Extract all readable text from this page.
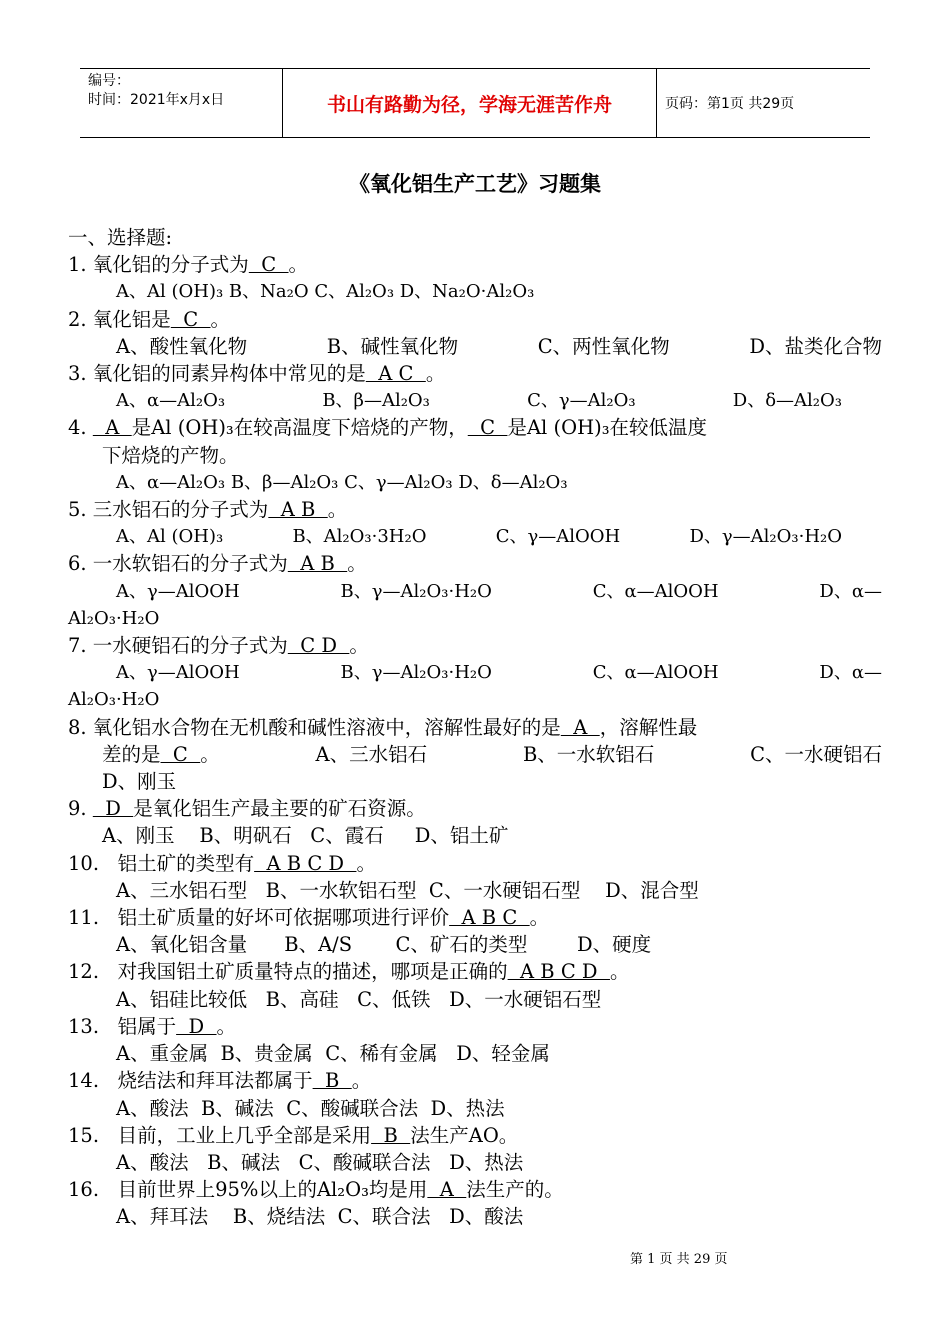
编号：
时间：2021年x月x日	书山有路勤为径，学海无涯苦作舟	页码：第1页 共29页
《氧化铝生产工艺》习题集
一、选择题:
1. 氧化铝的分子式为  C  。
A、Al (OH)₃ B、Na₂O C、Al₂O₃ D、Na₂O·Al₂O₃
2. 氧化铝是  C  。
A、酸性氧化物	B、碱性氧化物	C、两性氧化物	D、盐类化合物
3. 氧化铝的同素异构体中常见的是  A C  。
A、α—Al₂O₃	B、β—Al₂O₃	C、γ—Al₂O₃	D、δ—Al₂O₃
4.   A  是Al (OH)₃在较高温度下焙烧的产物，  C  是Al (OH)₃在较低温度
下焙烧的产物。
A、α—Al₂O₃ B、β—Al₂O₃ C、γ—Al₂O₃ D、δ—Al₂O₃
5. 三水铝石的分子式为  A B  。
A、Al (OH)₃	B、Al₂O₃·3H₂O	C、γ—AlOOH	D、γ—Al₂O₃·H₂O
6. 一水软铝石的分子式为  A B  。
A、γ—AlOOH	B、γ—Al₂O₃·H₂O	C、α—AlOOH	D、α—
Al₂O₃·H₂O
7. 一水硬铝石的分子式为  C D  。
A、γ—AlOOH	B、γ—Al₂O₃·H₂O	C、α—AlOOH	D、α—
Al₂O₃·H₂O
8. 氧化铝水合物在无机酸和碱性溶液中，溶解性最好的是  A  ，溶解性最
差的是  C  。	A、三水铝石	B、一水软铝石	C、一水硬铝石
D、刚玉
9.   D  是氧化铝生产最主要的矿石资源。
A、刚玉    B、明矾石   C、霞石     D、铝土矿
10.   铝土矿的类型有  A B C D  。
A、三水铝石型   B、一水软铝石型  C、一水硬铝石型    D、混合型
11.   铝土矿质量的好坏可依据哪项进行评价  A B C  。
A、氧化铝含量      B、A/S       C、矿石的类型        D、硬度
12.   对我国铝土矿质量特点的描述，哪项是正确的  A B C D  。
A、铝硅比较低   B、高硅   C、低铁   D、一水硬铝石型
13.   铝属于  D  。
A、重金属  B、贵金属  C、稀有金属   D、轻金属
14.   烧结法和拜耳法都属于  B  。
A、酸法  B、碱法  C、酸碱联合法  D、热法
15.   目前，工业上几乎全部是采用  B  法生产AO。
A、酸法   B、碱法   C、酸碱联合法   D、热法
16.   目前世界上95%以上的Al₂O₃均是用  A  法生产的。
A、拜耳法    B、烧结法  C、联合法   D、酸法
第 1 页 共 29 页
